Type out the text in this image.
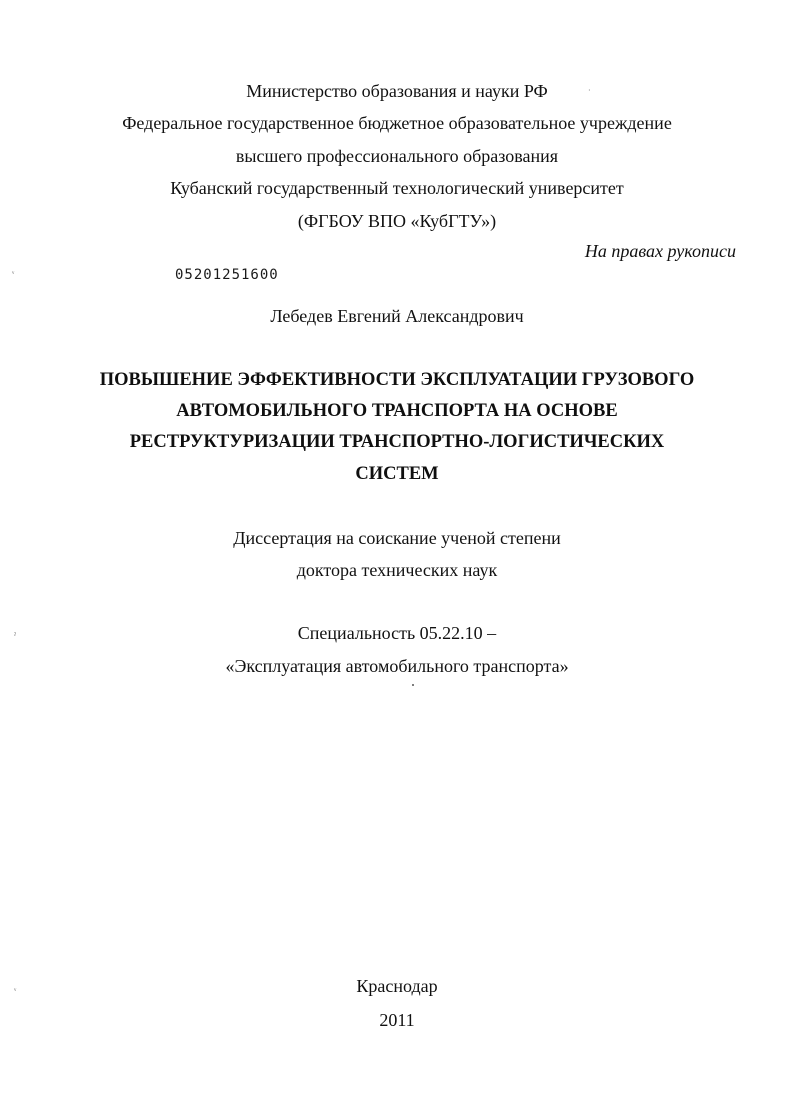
Министерство образования и науки РФ
Федеральное государственное бюджетное образовательное учреждение
высшего профессионального образования
Кубанский государственный технологический университет
(ФГБОУ ВПО «КубГТУ»)
На правах рукописи
05201251600
Лебедев Евгений Александрович
ПОВЫШЕНИЕ ЭФФЕКТИВНОСТИ ЭКСПЛУАТАЦИИ ГРУЗОВОГО
АВТОМОБИЛЬНОГО ТРАНСПОРТА НА ОСНОВЕ
РЕСТРУКТУРИЗАЦИИ ТРАНСПОРТНО-ЛОГИСТИЧЕСКИХ
СИСТЕМ
Диссертация на соискание ученой степени
доктора технических наук
Специальность 05.22.10 –
«Эксплуатация автомобильного транспорта»
Краснодар
2011
ᵛ
ˀ
ᵛ
·
